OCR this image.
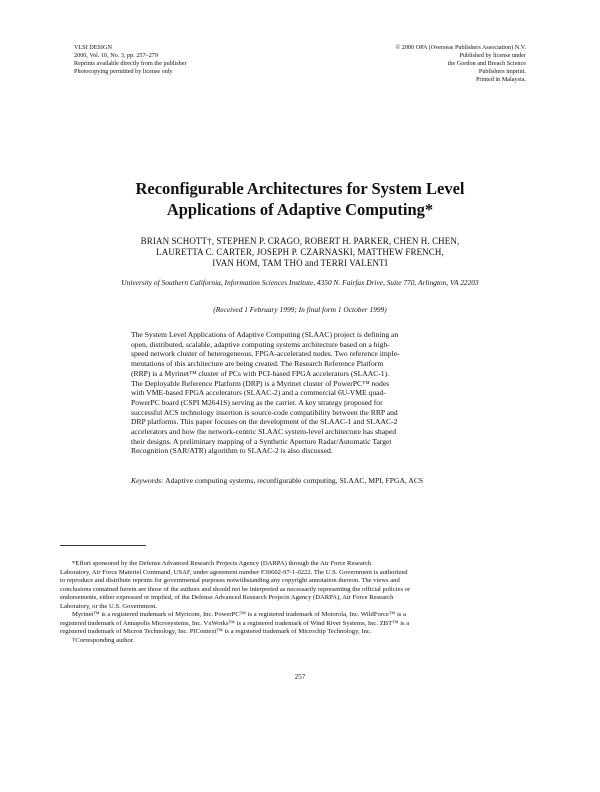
VLSI DESIGN
2000, Vol. 10, No. 3, pp. 257–279
Reprints available directly from the publisher
Photocopying permitted by license only
© 2000 OPA (Overseas Publishers Association) N.V.
Published by license under
the Gordon and Breach Science
Publishers imprint.
Printed in Malaysia.
Reconfigurable Architectures for System Level
Applications of Adaptive Computing*
BRIAN SCHOTT†, STEPHEN P. CRAGO, ROBERT H. PARKER, CHEN H. CHEN,
LAURETTA C. CARTER, JOSEPH P. CZARNASKI, MATTHEW FRENCH,
IVAN HOM, TAM THO and TERRI VALENTI
University of Southern California, Information Sciences Institute, 4350 N. Fairfax Drive, Suite 770, Arlington, VA 22203
(Received 1 February 1999; In final form 1 October 1999)
The System Level Applications of Adaptive Computing (SLAAC) project is defining an
open, distributed, scalable, adaptive computing systems architecture based on a high-
speed network cluster of heterogeneous, FPGA-accelerated nodes. Two reference imple-
mentations of this architecture are being created. The Research Reference Platform
(RRP) is a Myrinet™ cluster of PCs with PCI-based FPGA accelerators (SLAAC-1).
The Deployable Reference Platform (DRP) is a Myrinet cluster of PowerPC™ nodes
with VME-based FPGA accelerators (SLAAC-2) and a commercial 6U-VME quad-
PowerPC board (CSPI M2641S) serving as the carrier. A key strategy proposed for
successful ACS technology insertion is source-code compatibility between the RRP and
DRP platforms. This paper focuses on the development of the SLAAC-1 and SLAAC-2
accelerators and how the network-centric SLAAC system-level architecture has shaped
their designs. A preliminary mapping of a Synthetic Aperture Radar/Automatic Target
Recognition (SAR/ATR) algorithm to SLAAC-2 is also discussed.
Keywords: Adaptive computing systems, reconfigurable computing, SLAAC, MPI, FPGA, ACS
*Effort sponsored by the Defense Advanced Research Projects Agency (DARPA) through the Air Force Research
Laboratory, Air Force Materiel Command, USAF, under agreement number F30602-97-1-0222. The U.S. Government is authorized
to reproduce and distribute reprints for governmental purposes notwithstanding any copyright annotation thereon. The views and
conclusions contained herein are those of the authors and should not be interpreted as necessarily representing the official policies or
endorsements, either expressed or implied, of the Defense Advanced Research Projects Agency (DARPA), Air Force Research
Laboratory, or the U.S. Government.
Myrinet™ is a registered trademark of Myricom, Inc. PowerPC™ is a registered trademark of Motorola, Inc. WildForce™ is a
registered trademark of Annapolis Microsystems, Inc. VxWorks™ is a registered trademark of Wind River Systems, Inc. ZBT™ is a
registered trademark of Micron Technology, Inc. PIContext™ is a registered trademark of Microchip Technology, Inc.
†Corresponding author.
257
